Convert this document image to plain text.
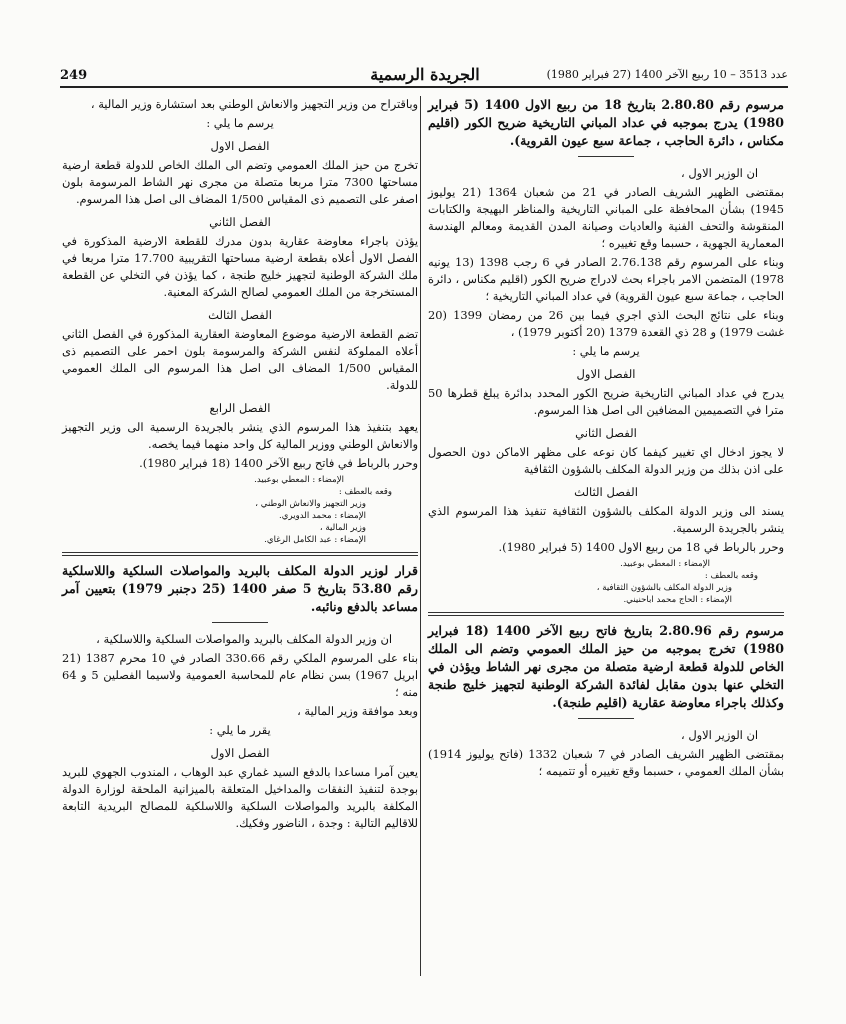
249	الجريدة الرسمية	عدد 3513 – 10 ربيع الآخر 1400 (27 فبراير 1980)

مرسوم رقم 2.80.80 بتاريخ 18 من ربيع الاول 1400 (5 فبراير 1980) يدرج بموجبه في عداد المباني التاريخية ضريح الكور (اقليم مكناس ، دائرة الحاجب ، جماعة سبع عيون القروية).

ان الوزير الاول ،

بمقتضى الظهير الشريف الصادر في 21 من شعبان 1364 (21 يوليوز 1945) بشأن المحافظة على المباني التاريخية والمناظر البهيجة والكتابات المنقوشة والتحف الفنية والعاديات وصيانة المدن القديمة ومعالم الهندسة المعمارية الجهوية ، حسبما وقع تغييره ؛

وبناء على المرسوم رقم 2.76.138 الصادر في 6 رجب 1398 (13 يونيه 1978) المتضمن الامر باجراء بحث لادراج ضريح الكور (اقليم مكناس ، دائرة الحاجب ، جماعة سبع عيون القروية) في عداد المباني التاريخية ؛

وبناء على نتائج البحث الذي اجري فيما بين 26 من رمضان 1399 (20 غشت 1979) و 28 ذي القعدة 1379 (20 أكتوبر 1979) ،

يرسم ما يلي :

الفصل الاول

يدرج في عداد المباني التاريخية ضريح الكور المحدد بدائرة يبلغ قطرها 50 مترا في التصميمين المضافين الى اصل هذا المرسوم.

الفصل الثاني

لا يجوز ادخال اي تغيير كيفما كان نوعه على مظهر الاماكن دون الحصول على اذن بذلك من وزير الدولة المكلف بالشؤون الثقافية

الفصل الثالث

يسند الى وزير الدولة المكلف بالشؤون الثقافية تنفيذ هذا المرسوم الذي ينشر بالجريدة الرسمية.

وحرر بالرباط في 18 من ربيع الاول 1400 (5 فبراير 1980).

الإمضاء : المعطي بوعبيد.

وقعه بالعطف :

وزير الدولة المكلف بالشؤون الثقافية ،

الإمضاء : الحاج محمد اباحنيني.

مرسوم رقم 2.80.96 بتاريخ فاتح ربيع الآخر 1400 (18 فبراير 1980) تخرج بموجبه من حيز الملك العمومي وتضم الى الملك الخاص للدولة قطعة ارضية متصلة من مجرى نهر الشاط ويؤذن في التخلي عنها بدون مقابل لفائدة الشركة الوطنية لتجهيز خليج طنجة وكذلك باجراء معاوضة عقارية (اقليم طنجة).

ان الوزير الاول ،

بمقتضى الظهير الشريف الصادر في 7 شعبان 1332 (فاتح يوليوز 1914) بشأن الملك العمومي ، حسبما وقع تغييره أو تتميمه ؛

وباقتراح من وزير التجهيز والانعاش الوطني بعد استشارة وزير المالية ،

يرسم ما يلي :

الفصل الاول

تخرج من حيز الملك العمومي وتضم الى الملك الخاص للدولة قطعة ارضية مساحتها 7300 مترا مربعا متصلة من مجرى نهر الشاط المرسومة بلون اصفر على التصميم ذى المقياس 1/500 المضاف الى اصل هذا المرسوم.

الفصل الثاني

يؤذن باجراء معاوضة عقارية بدون مدرك للقطعة الارضية المذكورة في الفصل الاول أعلاه بقطعة ارضية مساحتها التقريبية 17.700 مترا مربعا في ملك الشركة الوطنية لتجهيز خليج طنجة ، كما يؤذن في التخلي عن القطعة المستخرجة من الملك العمومي لصالح الشركة المعنية.

الفصل الثالث

تضم القطعة الارضية موضوع المعاوضة العقارية المذكورة في الفصل الثاني أعلاه المملوكة لنفس الشركة والمرسومة بلون احمر على التصميم ذى المقياس 1/500 المضاف الى اصل هذا المرسوم الى الملك العمومي للدولة.

الفصل الرابع

يعهد بتنفيذ هذا المرسوم الذي ينشر بالجريدة الرسمية الى وزير التجهيز والانعاش الوطني ووزير المالية كل واحد منهما فيما يخصه.

وحرر بالرباط في فاتح ربيع الآخر 1400 (18 فبراير 1980).

الإمضاء : المعطي بوعبيد.

وقعه بالعطف :

وزير التجهيز والانعاش الوطني ،

الإمضاء : محمد الدويري.

وزير المالية ،

الإمضاء : عبد الكامل الرغاي.

قرار لوزير الدولة المكلف بالبريد والمواصلات السلكية واللاسلكية رقم 53.80 بتاريخ 5 صفر 1400 (25 دجنبر 1979) بتعيين آمر مساعد بالدفع ونائبه.

ان وزير الدولة المكلف بالبريد والمواصلات السلكية واللاسلكية ،

بناء على المرسوم الملكي رقم 330.66 الصادر في 10 محرم 1387 (21 ابريل 1967) بسن نظام عام للمحاسبة العمومية ولاسيما الفصلين 5 و 64 منه ؛

وبعد موافقة وزير المالية ،

يقرر ما يلي :

الفصل الاول

يعين آمرا مساعدا بالدفع السيد غماري عبد الوهاب ، المندوب الجهوي للبريد بوجدة لتنفيذ النفقات والمداخيل المتعلقة بالميزانية الملحقة لوزارة الدولة المكلفة بالبريد والمواصلات السلكية واللاسلكية للمصالح البريدية التابعة للاقاليم التالية : وجدة ، الناضور وفكيك.
